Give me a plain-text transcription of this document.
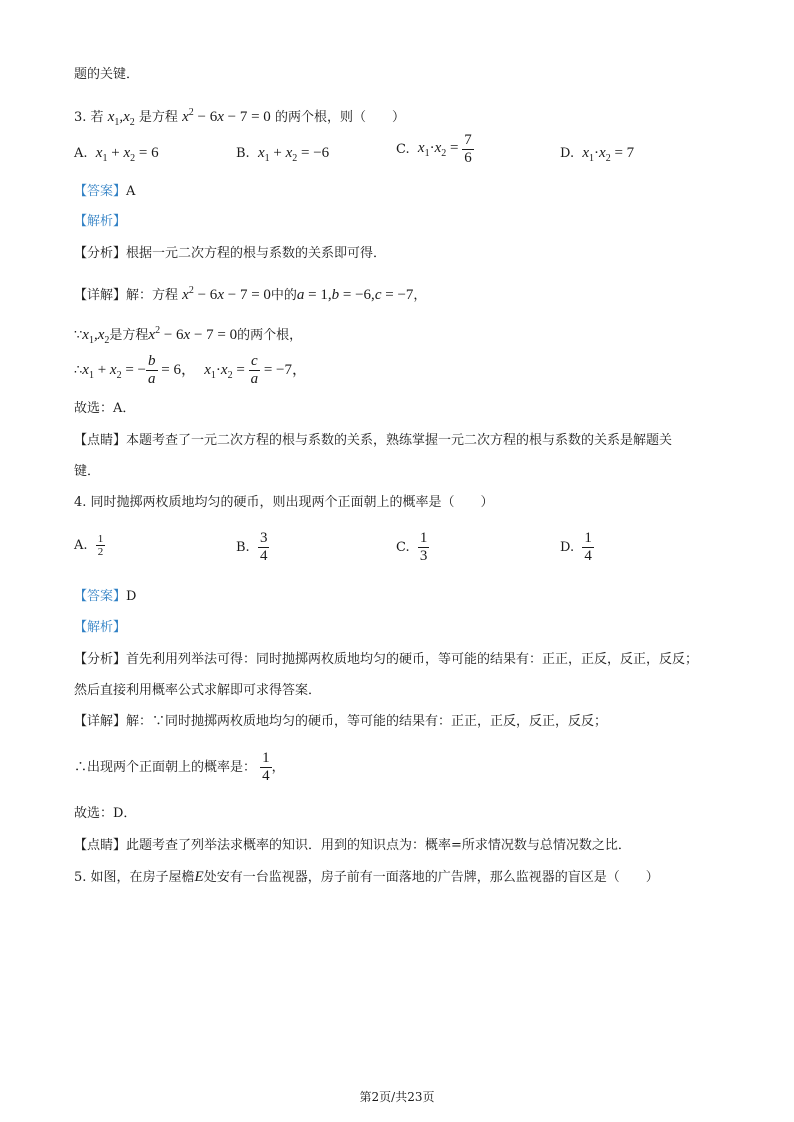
题的关键．
3. 若 $x_1,x_2$ 是方程 $x^2 - 6x - 7 = 0$ 的两个根，则（　　）
A. $x_1 + x_2 = 6$	B. $x_1 + x_2 = -6$	C. $x_1\cdot x_2 = \frac{7}{6}$	D. $x_1\cdot x_2 = 7$
【答案】A
【解析】
【分析】根据一元二次方程的根与系数的关系即可得．
【详解】解：方程 $x^2 - 6x - 7 = 0$中的a = 1,b = −6,c = −7，
$\because x_1,x_2$是方程$x^2 - 6x - 7 = 0$的两个根，
$\therefore x_1 + x_2$ = − $\frac{b}{a} = 6$， $x_1\cdot x_2 = \frac{c}{a} = -7$，
故选：A．
【点睛】本题考查了一元二次方程的根与系数的关系，熟练掌握一元二次方程的根与系数的关系是解题关
键．
4. 同时抛掷两枚质地均匀的硬币，则出现两个正面朝上的概率是（　　）
A. $\frac{1}{2}$	B. $\frac{3}{4}$	C. $\frac{1}{3}$	D. $\frac{1}{4}$
【答案】D
【解析】
【分析】首先利用列举法可得：同时抛掷两枚质地均匀的硬币，等可能的结果有：正正，正反，反正，反反；
然后直接利用概率公式求解即可求得答案．
【详解】解：∵同时抛掷两枚质地均匀的硬币，等可能的结果有：正正，正反，反正，反反；
∴出现两个正面朝上的概率是： $\frac{1}{4}$ ，
故选：D．
【点睛】此题考查了列举法求概率的知识．用到的知识点为：概率=所求情况数与总情况数之比．
5. 如图，在房子屋檐E处安有一台监视器，房子前有一面落地的广告牌，那么监视器的盲区是（　　）
第2页/共23页
